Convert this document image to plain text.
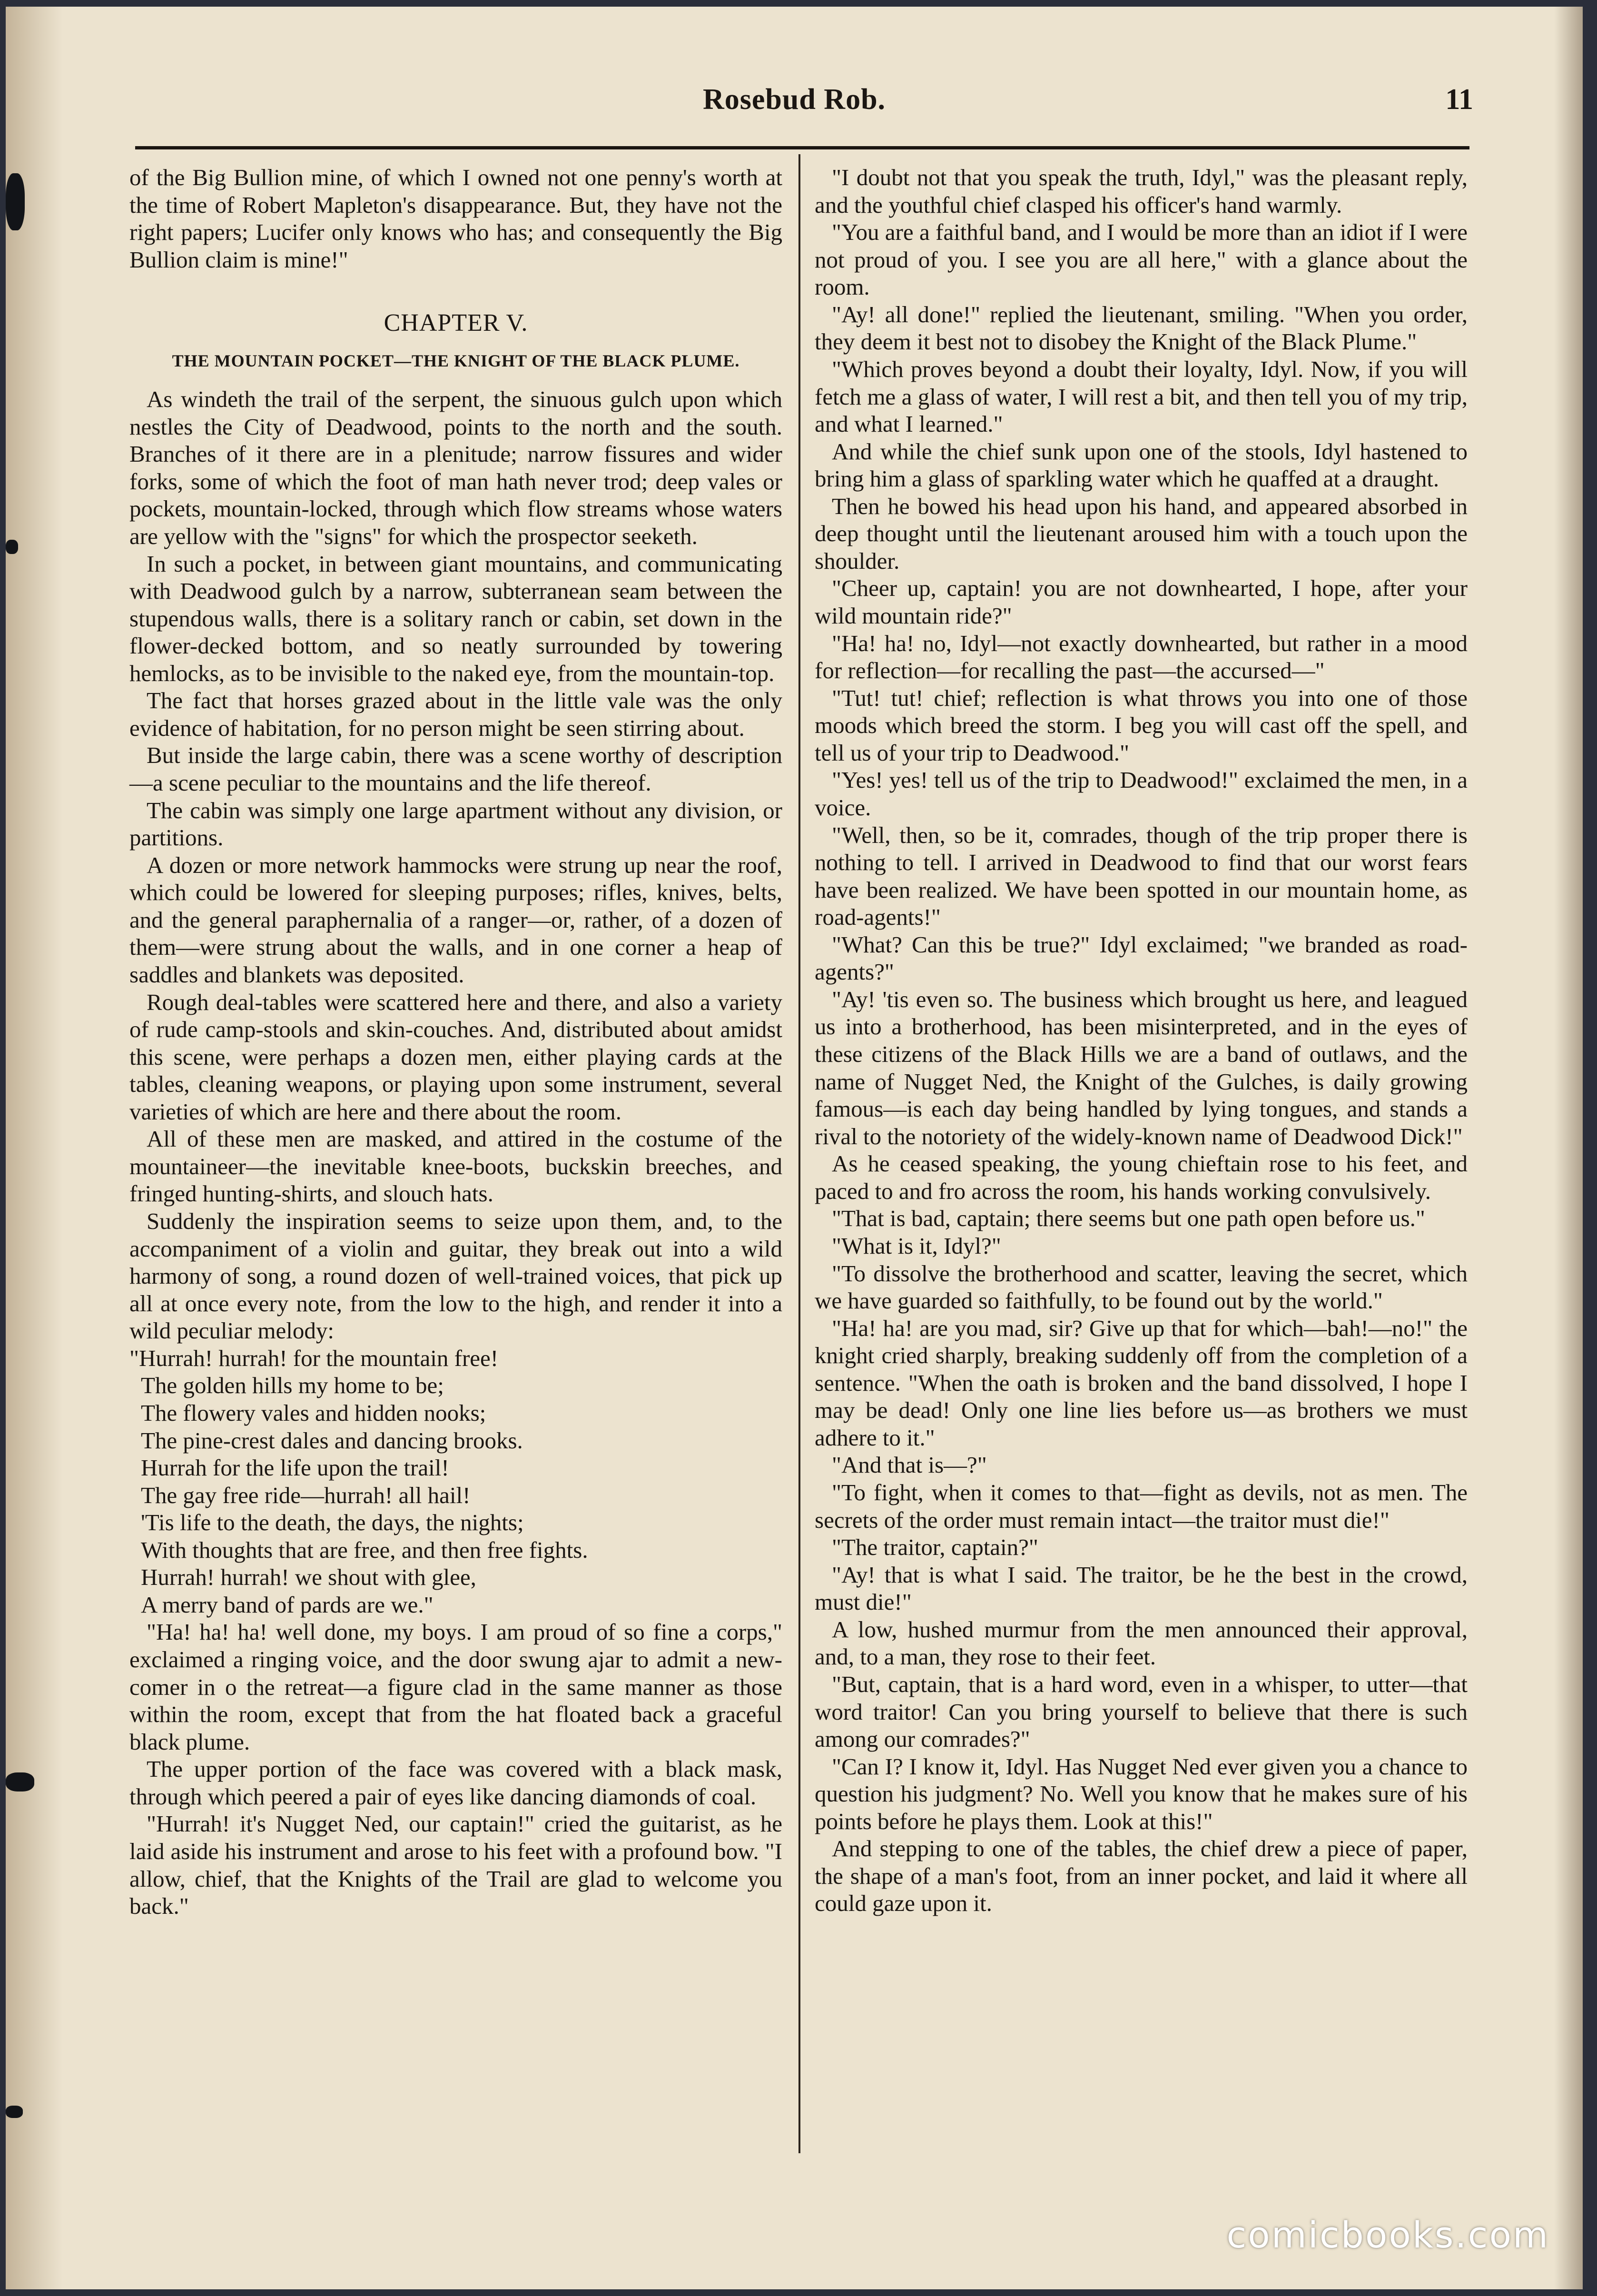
Rosebud Rob.	11

of the Big Bullion mine, of which I owned not one penny's worth at the time of Robert Mapleton's disappearance. But, they have not the right papers; Lucifer only knows who has; and consequently the Big Bullion claim is mine!"

CHAPTER V.
THE MOUNTAIN POCKET—THE KNIGHT OF THE BLACK PLUME.

As windeth the trail of the serpent, the sinuous gulch upon which nestles the City of Deadwood, points to the north and the south. Branches of it there are in a plenitude; narrow fissures and wider forks, some of which the foot of man hath never trod; deep vales or pockets, mountain-locked, through which flow streams whose waters are yellow with the "signs" for which the prospector seeketh.

In such a pocket, in between giant mountains, and communicating with Deadwood gulch by a narrow, subterranean seam between the stupendous walls, there is a solitary ranch or cabin, set down in the flower-decked bottom, and so neatly surrounded by towering hemlocks, as to be invisible to the naked eye, from the mountain-top.

The fact that horses grazed about in the little vale was the only evidence of habitation, for no person might be seen stirring about.

But inside the large cabin, there was a scene worthy of description—a scene peculiar to the mountains and the life thereof.

The cabin was simply one large apartment without any division, or partitions.

A dozen or more network hammocks were strung up near the roof, which could be lowered for sleeping purposes; rifles, knives, belts, and the general paraphernalia of a ranger—or, rather, of a dozen of them—were strung about the walls, and in one corner a heap of saddles and blankets was deposited.

Rough deal-tables were scattered here and there, and also a variety of rude camp-stools and skin-couches. And, distributed about amidst this scene, were perhaps a dozen men, either playing cards at the tables, cleaning weapons, or playing upon some instrument, several varieties of which are here and there about the room.

All of these men are masked, and attired in the costume of the mountaineer—the inevitable knee-boots, buckskin breeches, and fringed hunting-shirts, and slouch hats.

Suddenly the inspiration seems to seize upon them, and, to the accompaniment of a violin and guitar, they break out into a wild harmony of song, a round dozen of well-trained voices, that pick up all at once every note, from the low to the high, and render it into a wild peculiar melody:

"Hurrah! hurrah! for the mountain free!
The golden hills my home to be;
The flowery vales and hidden nooks;
The pine-crest dales and dancing brooks.
Hurrah for the life upon the trail!
The gay free ride—hurrah! all hail!
'Tis life to the death, the days, the nights;
With thoughts that are free, and then free fights.
Hurrah! hurrah! we shout with glee,
A merry band of pards are we."

"Ha! ha! ha! well done, my boys. I am proud of so fine a corps," exclaimed a ringing voice, and the door swung ajar to admit a new-comer in o the retreat—a figure clad in the same manner as those within the room, except that from the hat floated back a graceful black plume.

The upper portion of the face was covered with a black mask, through which peered a pair of eyes like dancing diamonds of coal.

"Hurrah! it's Nugget Ned, our captain!" cried the guitarist, as he laid aside his instrument and arose to his feet with a profound bow. "I allow, chief, that the Knights of the Trail are glad to welcome you back."

"I doubt not that you speak the truth, Idyl," was the pleasant reply, and the youthful chief clasped his officer's hand warmly.

"You are a faithful band, and I would be more than an idiot if I were not proud of you. I see you are all here," with a glance about the room.

"Ay! all done!" replied the lieutenant, smiling. "When you order, they deem it best not to disobey the Knight of the Black Plume."

"Which proves beyond a doubt their loyalty, Idyl. Now, if you will fetch me a glass of water, I will rest a bit, and then tell you of my trip, and what I learned."

And while the chief sunk upon one of the stools, Idyl hastened to bring him a glass of sparkling water which he quaffed at a draught.

Then he bowed his head upon his hand, and appeared absorbed in deep thought until the lieutenant aroused him with a touch upon the shoulder.

"Cheer up, captain! you are not downhearted, I hope, after your wild mountain ride?"

"Ha! ha! no, Idyl—not exactly downhearted, but rather in a mood for reflection—for recalling the past—the accursed—"

"Tut! tut! chief; reflection is what throws you into one of those moods which breed the storm. I beg you will cast off the spell, and tell us of your trip to Deadwood."

"Yes! yes! tell us of the trip to Deadwood!" exclaimed the men, in a voice.

"Well, then, so be it, comrades, though of the trip proper there is nothing to tell. I arrived in Deadwood to find that our worst fears have been realized. We have been spotted in our mountain home, as road-agents!"

"What? Can this be true?" Idyl exclaimed; "we branded as road-agents?"

"Ay! 'tis even so. The business which brought us here, and leagued us into a brotherhood, has been misinterpreted, and in the eyes of these citizens of the Black Hills we are a band of outlaws, and the name of Nugget Ned, the Knight of the Gulches, is daily growing famous—is each day being handled by lying tongues, and stands a rival to the notoriety of the widely-known name of Deadwood Dick!"

As he ceased speaking, the young chieftain rose to his feet, and paced to and fro across the room, his hands working convulsively.

"That is bad, captain; there seems but one path open before us."

"What is it, Idyl?"

"To dissolve the brotherhood and scatter, leaving the secret, which we have guarded so faithfully, to be found out by the world."

"Ha! ha! are you mad, sir? Give up that for which—bah!—no!" the knight cried sharply, breaking suddenly off from the completion of a sentence. "When the oath is broken and the band dissolved, I hope I may be dead! Only one line lies before us—as brothers we must adhere to it."

"And that is—?"

"To fight, when it comes to that—fight as devils, not as men. The secrets of the order must remain intact—the traitor must die!"

"The traitor, captain?"

"Ay! that is what I said. The traitor, be he the best in the crowd, must die!"

A low, hushed murmur from the men announced their approval, and, to a man, they rose to their feet.

"But, captain, that is a hard word, even in a whisper, to utter—that word traitor! Can you bring yourself to believe that there is such among our comrades?"

"Can I? I know it, Idyl. Has Nugget Ned ever given you a chance to question his judgment? No. Well you know that he makes sure of his points before he plays them. Look at this!"

And stepping to one of the tables, the chief drew a piece of paper, the shape of a man's foot, from an inner pocket, and laid it where all could gaze upon it.

comicbooks.com
